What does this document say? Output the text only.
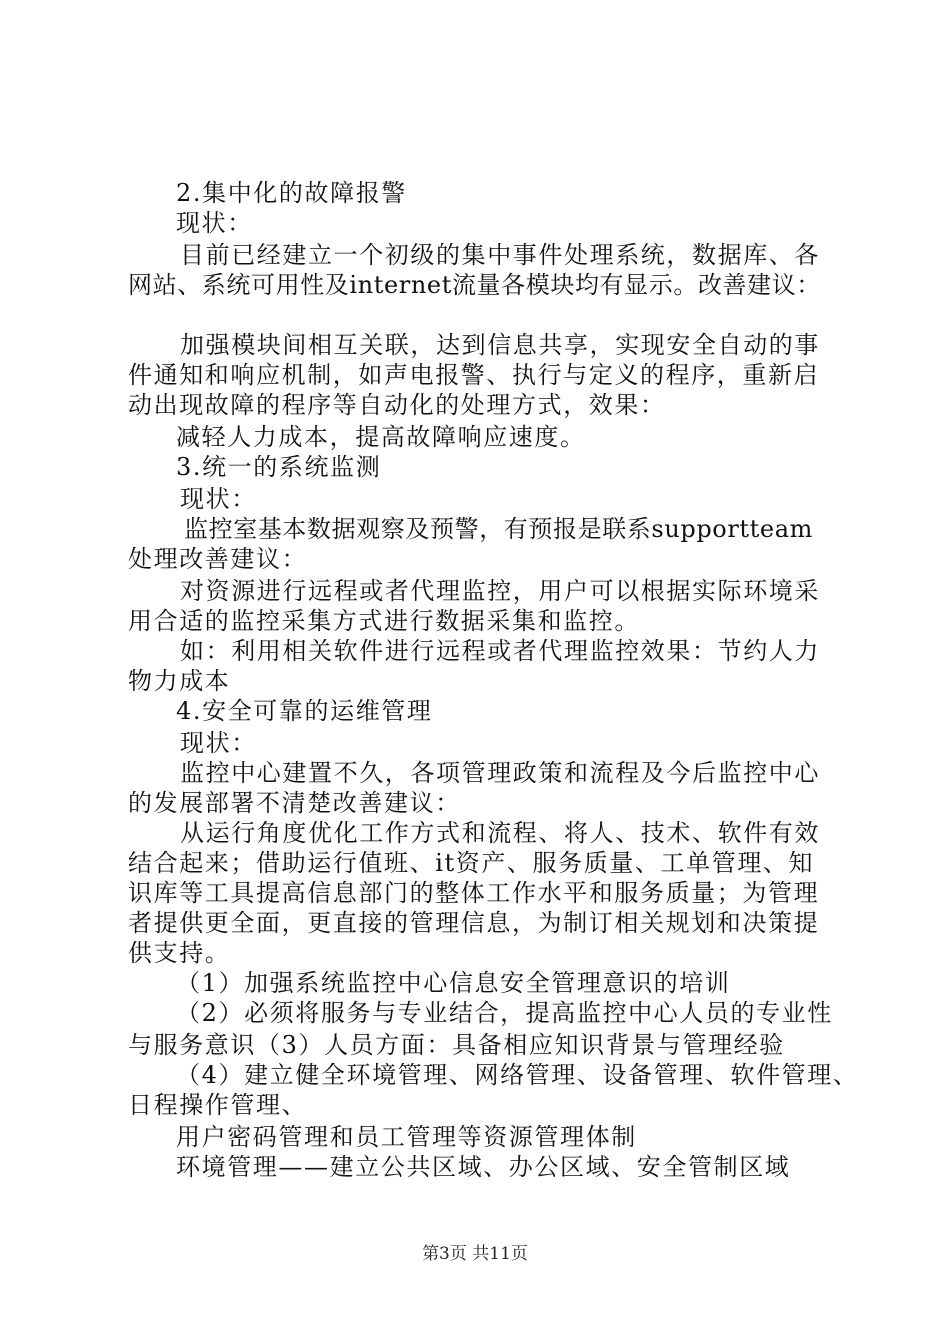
2.集中化的故障报警
现状：
目前已经建立一个初级的集中事件处理系统，数据库、各
网站、系统可用性及internet流量各模块均有显示。改善建议：
加强模块间相互关联，达到信息共享，实现安全自动的事
件通知和响应机制，如声电报警、执行与定义的程序，重新启
动出现故障的程序等自动化的处理方式，效果：
减轻人力成本，提高故障响应速度。
3.统一的系统监测
现状：
监控室基本数据观察及预警，有预报是联系supportteam
处理改善建议：
对资源进行远程或者代理监控，用户可以根据实际环境采
用合适的监控采集方式进行数据采集和监控。
如：利用相关软件进行远程或者代理监控效果：节约人力
物力成本
4.安全可靠的运维管理
现状：
监控中心建置不久，各项管理政策和流程及今后监控中心
的发展部署不清楚改善建议：
从运行角度优化工作方式和流程、将人、技术、软件有效
结合起来；借助运行值班、it资产、服务质量、工单管理、知
识库等工具提高信息部门的整体工作水平和服务质量；为管理
者提供更全面，更直接的管理信息，为制订相关规划和决策提
供支持。
（1）加强系统监控中心信息安全管理意识的培训
（2）必须将服务与专业结合，提高监控中心人员的专业性
与服务意识（3）人员方面：具备相应知识背景与管理经验
（4）建立健全环境管理、网络管理、设备管理、软件管理、
日程操作管理、
用户密码管理和员工管理等资源管理体制
环境管理——建立公共区域、办公区域、安全管制区域
第3页 共11页
